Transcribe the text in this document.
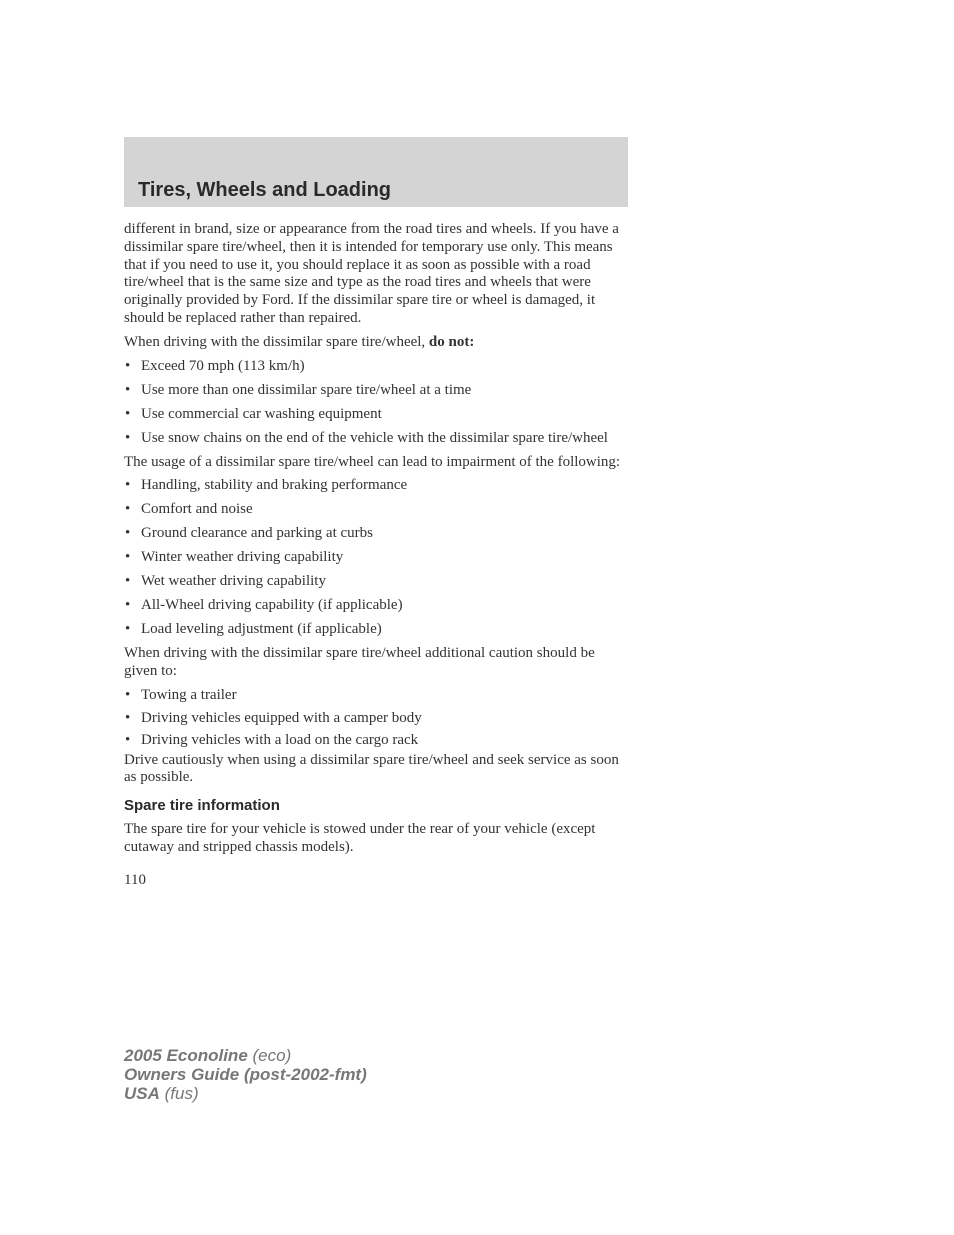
Tires, Wheels and Loading

different in brand, size or appearance from the road tires and wheels. If you have a dissimilar spare tire/wheel, then it is intended for temporary use only. This means that if you need to use it, you should replace it as soon as possible with a road tire/wheel that is the same size and type as the road tires and wheels that were originally provided by Ford. If the dissimilar spare tire or wheel is damaged, it should be replaced rather than repaired.

When driving with the dissimilar spare tire/wheel, do not:

• Exceed 70 mph (113 km/h)
• Use more than one dissimilar spare tire/wheel at a time
• Use commercial car washing equipment
• Use snow chains on the end of the vehicle with the dissimilar spare tire/wheel

The usage of a dissimilar spare tire/wheel can lead to impairment of the following:

• Handling, stability and braking performance
• Comfort and noise
• Ground clearance and parking at curbs
• Winter weather driving capability
• Wet weather driving capability
• All-Wheel driving capability (if applicable)
• Load leveling adjustment (if applicable)

When driving with the dissimilar spare tire/wheel additional caution should be given to:

• Towing a trailer
• Driving vehicles equipped with a camper body
• Driving vehicles with a load on the cargo rack

Drive cautiously when using a dissimilar spare tire/wheel and seek service as soon as possible.

Spare tire information

The spare tire for your vehicle is stowed under the rear of your vehicle (except cutaway and stripped chassis models).

110
2005 Econoline (eco)
Owners Guide (post-2002-fmt)
USA (fus)
